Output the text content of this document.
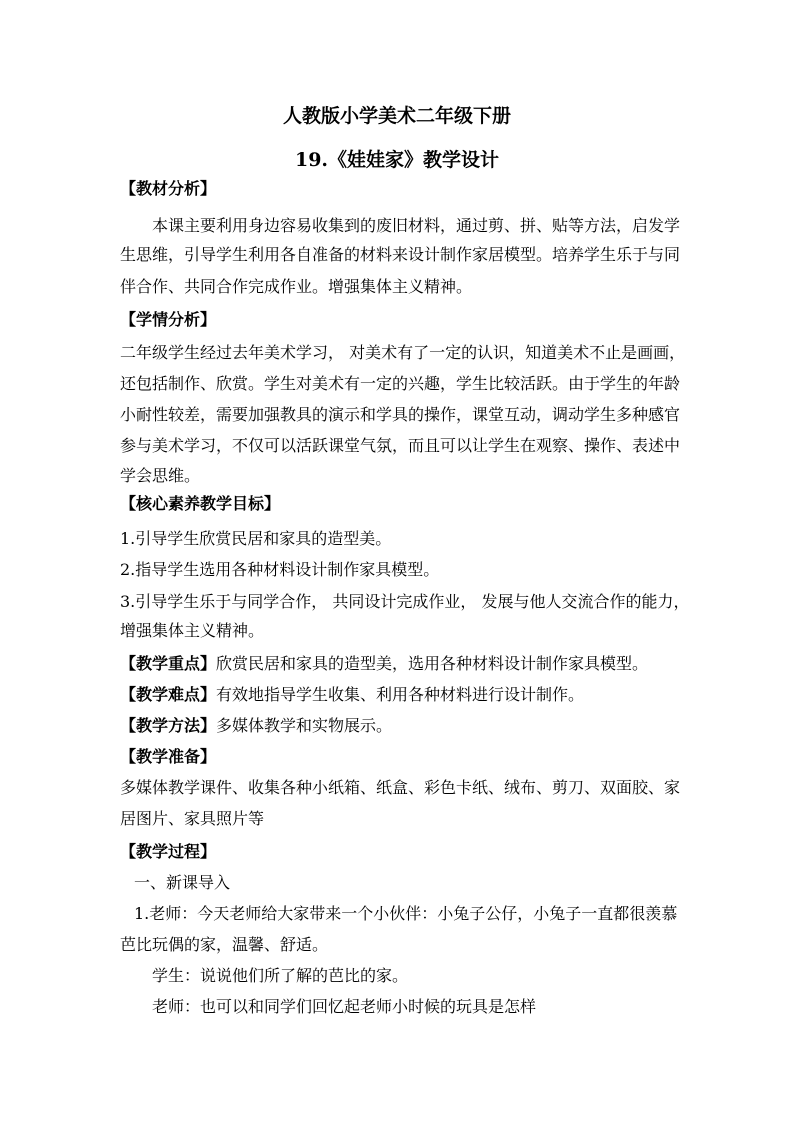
人教版小学美术二年级下册
19.《娃娃家》教学设计
【教材分析】
本课主要利用身边容易收集到的废旧材料，通过剪、拼、贴等方法，启发学
生思维，引导学生利用各自准备的材料来设计制作家居模型。培养学生乐于与同
伴合作、共同合作完成作业。增强集体主义精神。
【学情分析】
二年级学生经过去年美术学习， 对美术有了一定的认识，知道美术不止是画画，
还包括制作、欣赏。学生对美术有一定的兴趣，学生比较活跃。由于学生的年龄
小耐性较差，需要加强教具的演示和学具的操作，课堂互动，调动学生多种感官
参与美术学习，不仅可以活跃课堂气氛，而且可以让学生在观察、操作、表述中
学会思维。
【核心素养教学目标】
1.引导学生欣赏民居和家具的造型美。
2.指导学生选用各种材料设计制作家具模型。
3.引导学生乐于与同学合作， 共同设计完成作业， 发展与他人交流合作的能力，
增强集体主义精神。
【教学重点】欣赏民居和家具的造型美，选用各种材料设计制作家具模型。
【教学难点】有效地指导学生收集、利用各种材料进行设计制作。
【教学方法】多媒体教学和实物展示。
【教学准备】
多媒体教学课件、收集各种小纸箱、纸盒、彩色卡纸、绒布、剪刀、双面胶、家
居图片、家具照片等
【教学过程】
一、新课导入
1.老师：今天老师给大家带来一个小伙伴：小兔子公仔，小兔子一直都很羡慕
芭比玩偶的家，温馨、舒适。
学生：说说他们所了解的芭比的家。
老师：也可以和同学们回忆起老师小时候的玩具是怎样
